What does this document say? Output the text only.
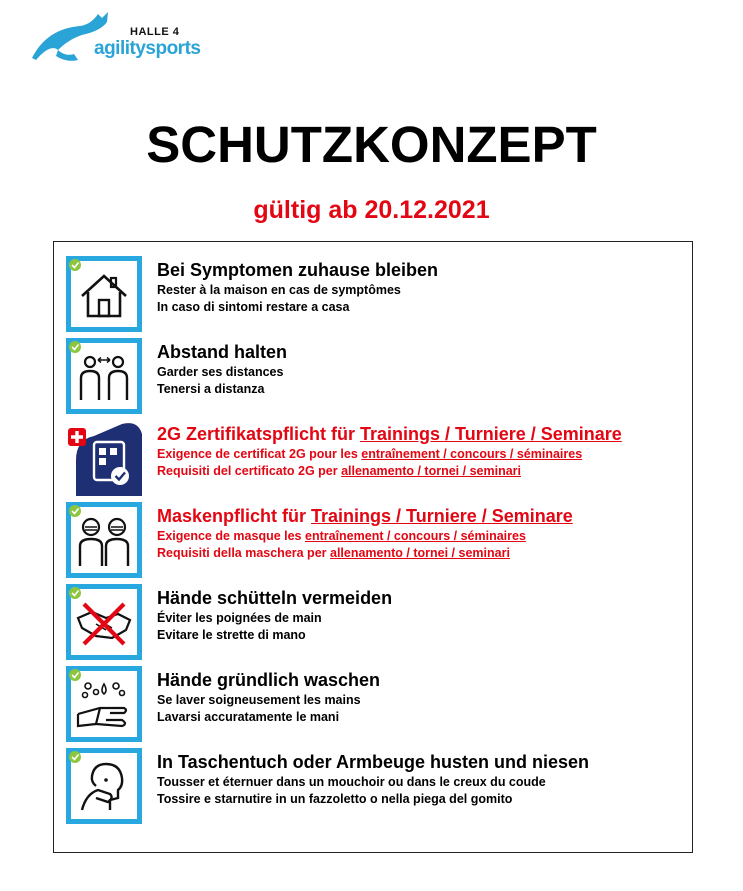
HALLE 4
agilitysports
SCHUTZKONZEPT
gültig ab 20.12.2021
Bei Symptomen zuhause bleiben
Rester à la maison en cas de symptômes
In caso di sintomi restare a casa
Abstand halten
Garder ses distances
Tenersi a distanza
2G Zertifikatspflicht für Trainings / Turniere / Seminare
Exigence de certificat 2G pour les entraînement / concours / séminaires
Requisiti del certificato 2G per allenamento / tornei / seminari
Maskenpflicht für Trainings / Turniere / Seminare
Exigence de masque les entraînement / concours / séminaires
Requisiti della maschera per allenamento / tornei / seminari
Hände schütteln vermeiden
Éviter les poignées de main
Evitare le strette di mano
Hände gründlich waschen
Se laver soigneusement les mains
Lavarsi accuratamente le mani
In Taschentuch oder Armbeuge husten und niesen
Tousser et éternuer dans un mouchoir ou dans le creux du coude
Tossire e starnutire in un fazzoletto o nella piega del gomito
